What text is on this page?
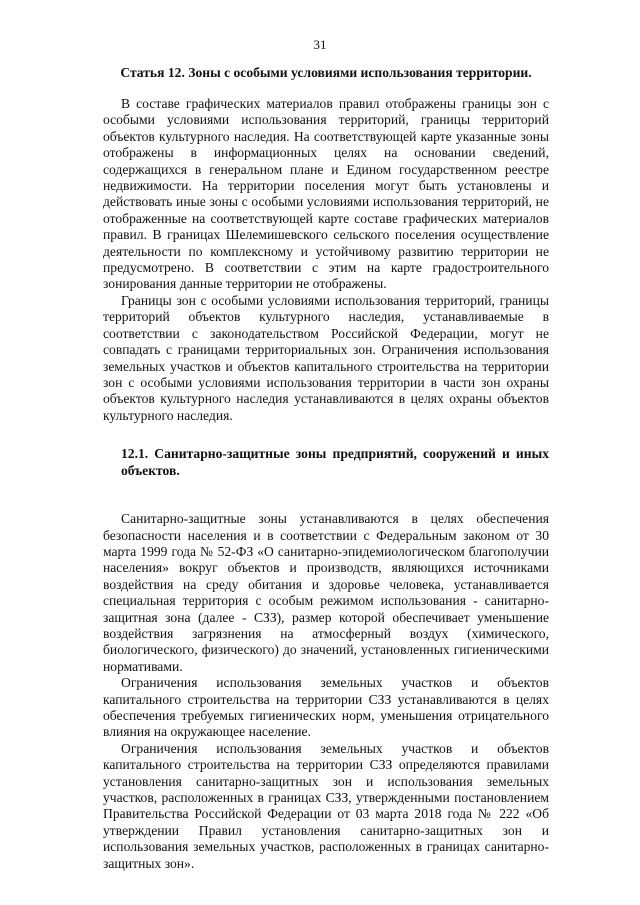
31
Статья 12. Зоны с особыми условиями использования территории.

В составе графических материалов правил отображены границы зон с особыми условиями использования территорий, границы территорий объектов культурного наследия. На соответствующей карте указанные зоны отображены в информационных целях на основании сведений, содержащихся в генеральном плане и Едином государственном реестре недвижимости. На территории поселения могут быть установлены и действовать иные зоны с особыми условиями использования территорий, не отображенные на соответствующей карте составе графических материалов правил. В границах Шелемишевского сельского поселения осуществление деятельности по комплексному и устойчивому развитию территории не предусмотрено. В соответствии с этим на карте градостроительного зонирования данные территории не отображены.

Границы зон с особыми условиями использования территорий, границы территорий объектов культурного наследия, устанавливаемые в соответствии с законодательством Российской Федерации, могут не совпадать с границами территориальных зон. Ограничения использования земельных участков и объектов капитального строительства на территории зон с особыми условиями использования территории в части зон охраны объектов культурного наследия устанавливаются в целях охраны объектов культурного наследия.

12.1. Санитарно-защитные зоны предприятий, сооружений и иных объектов.

Санитарно-защитные зоны устанавливаются в целях обеспечения безопасности населения и в соответствии с Федеральным законом от 30 марта 1999 года № 52-ФЗ «О санитарно-эпидемиологическом благополучии населения» вокруг объектов и производств, являющихся источниками воздействия на среду обитания и здоровье человека, устанавливается специальная территория с особым режимом использования - санитарно-защитная зона (далее - СЗЗ), размер которой обеспечивает уменьшение воздействия загрязнения на атмосферный воздух (химического, биологического, физического) до значений, установленных гигиеническими нормативами.

Ограничения использования земельных участков и объектов капитального строительства на территории СЗЗ устанавливаются в целях обеспечения требуемых гигиенических норм, уменьшения отрицательного влияния на окружающее население.

Ограничения использования земельных участков и объектов капитального строительства на территории СЗЗ определяются правилами установления санитарно-защитных зон и использования земельных участков, расположенных в границах СЗЗ, утвержденными постановлением Правительства Российской Федерации от 03 марта 2018 года № 222 «Об утверждении Правил установления санитарно-защитных зон и использования земельных участков, расположенных в границах санитарно-защитных зон».
